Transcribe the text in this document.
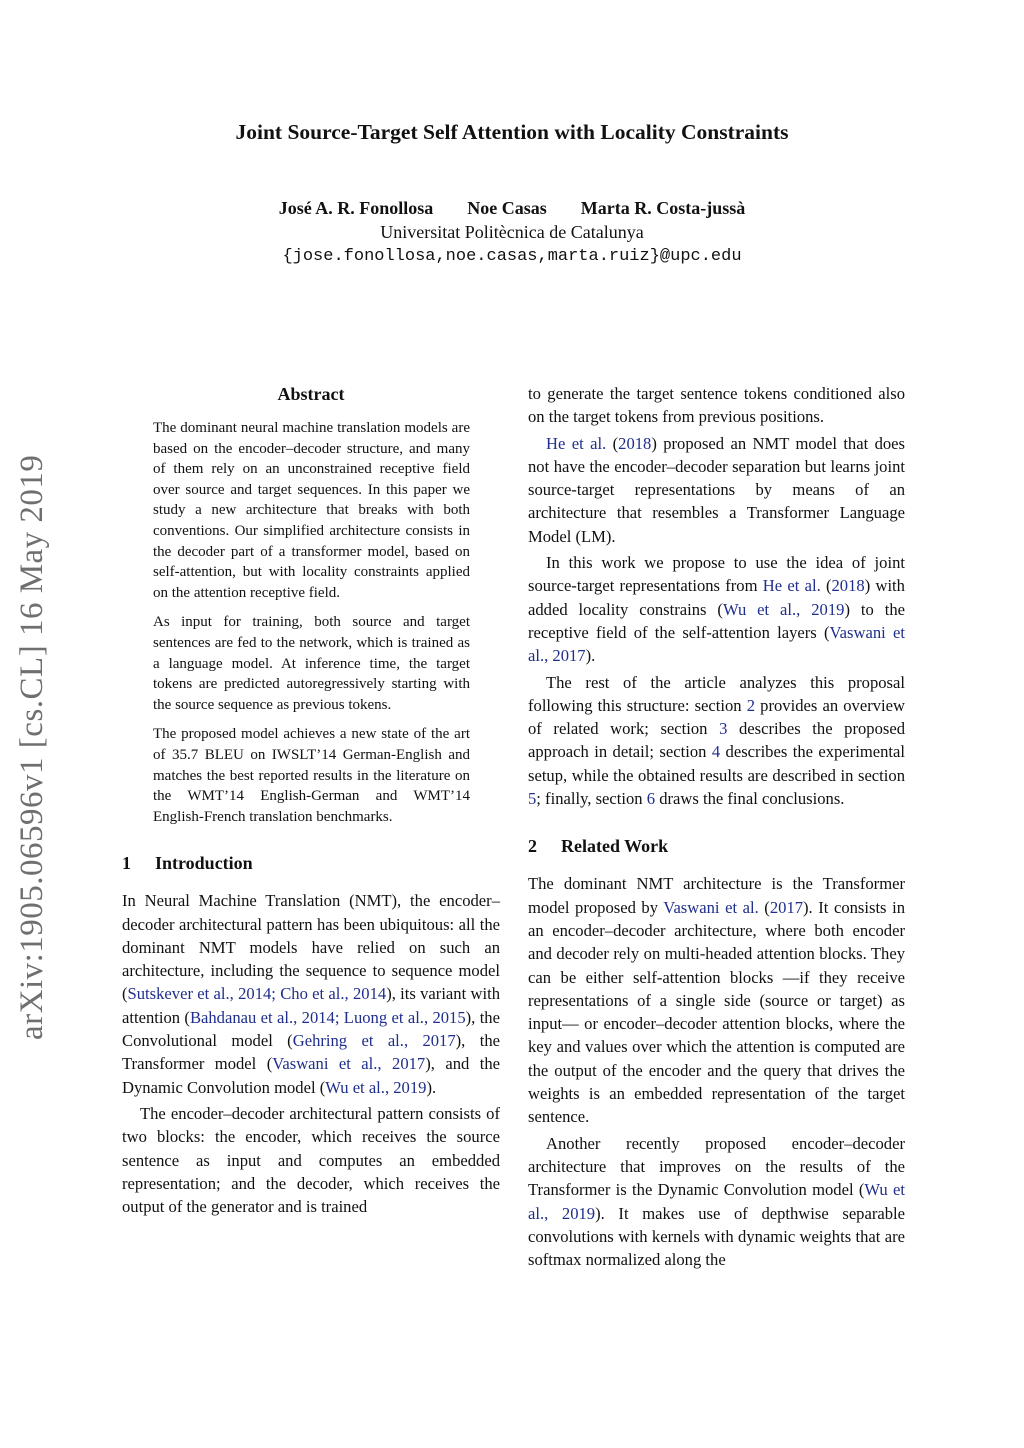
arXiv:1905.06596v1 [cs.CL] 16 May 2019
Joint Source-Target Self Attention with Locality Constraints
José A. R. Fonollosa Noe Casas Marta R. Costa-jussà
Universitat Politècnica de Catalunya
{jose.fonollosa,noe.casas,marta.ruiz}@upc.edu
Abstract

The dominant neural machine translation models are based on the encoder–decoder structure, and many of them rely on an unconstrained receptive field over source and target sequences. In this paper we study a new architecture that breaks with both conventions. Our simplified architecture consists in the decoder part of a transformer model, based on self-attention, but with locality constraints applied on the attention receptive field.

As input for training, both source and target sentences are fed to the network, which is trained as a language model. At inference time, the target tokens are predicted autoregressively starting with the source sequence as previous tokens.

The proposed model achieves a new state of the art of 35.7 BLEU on IWSLT’14 German-English and matches the best reported results in the literature on the WMT’14 English-German and WMT’14 English-French translation benchmarks.

1 Introduction

In Neural Machine Translation (NMT), the encoder–decoder architectural pattern has been ubiquitous: all the dominant NMT models have relied on such an architecture, including the sequence to sequence model (Sutskever et al., 2014; Cho et al., 2014), its variant with attention (Bahdanau et al., 2014; Luong et al., 2015), the Convolutional model (Gehring et al., 2017), the Transformer model (Vaswani et al., 2017), and the Dynamic Convolution model (Wu et al., 2019).

The encoder–decoder architectural pattern consists of two blocks: the encoder, which receives the source sentence as input and computes an embedded representation; and the decoder, which receives the output of the generator and is trained

to generate the target sentence tokens conditioned also on the target tokens from previous positions.

He et al. (2018) proposed an NMT model that does not have the encoder–decoder separation but learns joint source-target representations by means of an architecture that resembles a Transformer Language Model (LM).

In this work we propose to use the idea of joint source-target representations from He et al. (2018) with added locality constrains (Wu et al., 2019) to the receptive field of the self-attention layers (Vaswani et al., 2017).

The rest of the article analyzes this proposal following this structure: section 2 provides an overview of related work; section 3 describes the proposed approach in detail; section 4 describes the experimental setup, while the obtained results are described in section 5; finally, section 6 draws the final conclusions.

2 Related Work

The dominant NMT architecture is the Transformer model proposed by Vaswani et al. (2017). It consists in an encoder–decoder architecture, where both encoder and decoder rely on multi-headed attention blocks. They can be either self-attention blocks —if they receive representations of a single side (source or target) as input— or encoder–decoder attention blocks, where the key and values over which the attention is computed are the output of the encoder and the query that drives the weights is an embedded representation of the target sentence.

Another recently proposed encoder–decoder architecture that improves on the results of the Transformer is the Dynamic Convolution model (Wu et al., 2019). It makes use of depthwise separable convolutions with kernels with dynamic weights that are softmax normalized along the
